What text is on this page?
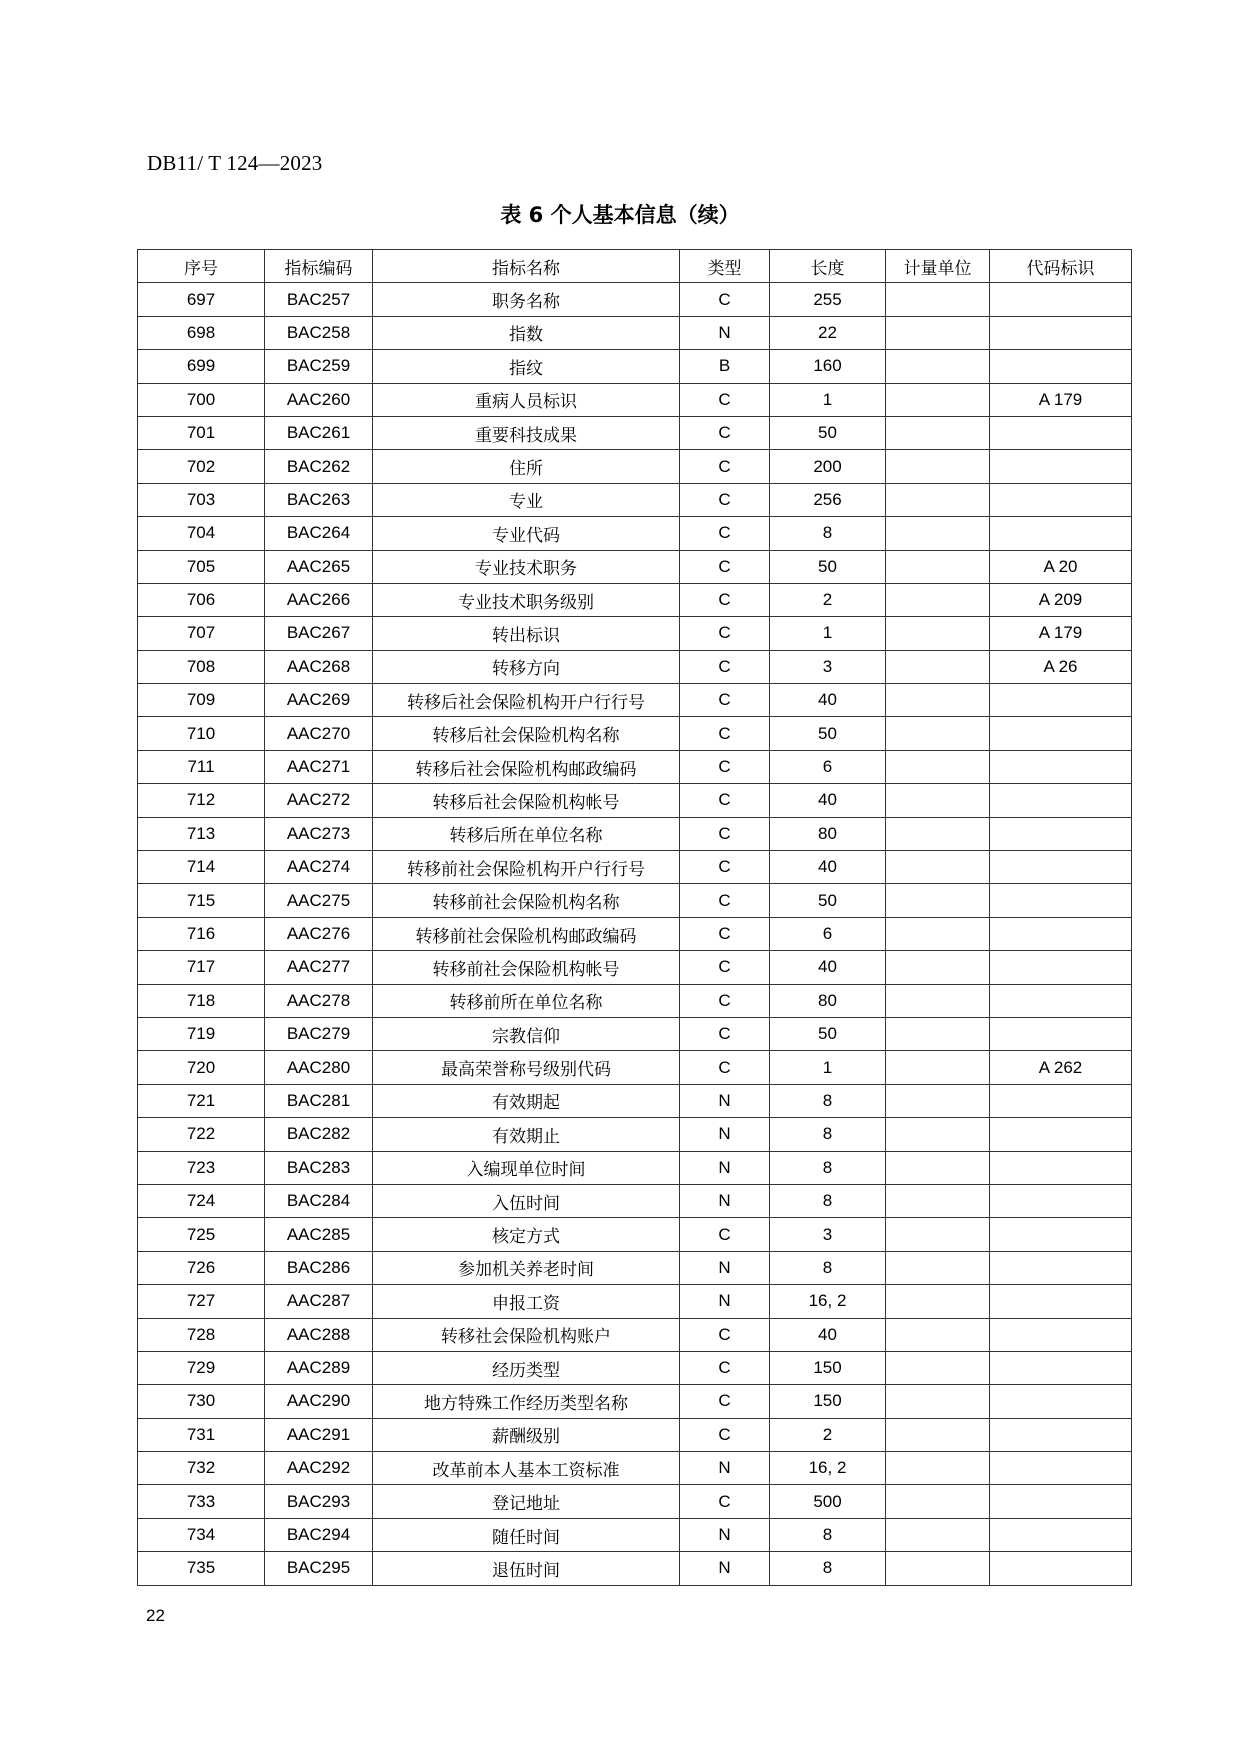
DB11/ T 124—2023
表 6 个人基本信息（续）
序号	指标编码	指标名称	类型	长度	计量单位	代码标识
697	BAC257	职务名称	C	255		
698	BAC258	指数	N	22		
699	BAC259	指纹	B	160		
700	AAC260	重病人员标识	C	1		A 179
701	BAC261	重要科技成果	C	50		
702	BAC262	住所	C	200		
703	BAC263	专业	C	256		
704	BAC264	专业代码	C	8		
705	AAC265	专业技术职务	C	50		A 20
706	AAC266	专业技术职务级别	C	2		A 209
707	BAC267	转出标识	C	1		A 179
708	AAC268	转移方向	C	3		A 26
709	AAC269	转移后社会保险机构开户行行号	C	40		
710	AAC270	转移后社会保险机构名称	C	50		
711	AAC271	转移后社会保险机构邮政编码	C	6		
712	AAC272	转移后社会保险机构帐号	C	40		
713	AAC273	转移后所在单位名称	C	80		
714	AAC274	转移前社会保险机构开户行行号	C	40		
715	AAC275	转移前社会保险机构名称	C	50		
716	AAC276	转移前社会保险机构邮政编码	C	6		
717	AAC277	转移前社会保险机构帐号	C	40		
718	AAC278	转移前所在单位名称	C	80		
719	BAC279	宗教信仰	C	50		
720	AAC280	最高荣誉称号级别代码	C	1		A 262
721	BAC281	有效期起	N	8		
722	BAC282	有效期止	N	8		
723	BAC283	入编现单位时间	N	8		
724	BAC284	入伍时间	N	8		
725	AAC285	核定方式	C	3		
726	BAC286	参加机关养老时间	N	8		
727	AAC287	申报工资	N	16, 2		
728	AAC288	转移社会保险机构账户	C	40		
729	AAC289	经历类型	C	150		
730	AAC290	地方特殊工作经历类型名称	C	150		
731	AAC291	薪酬级别	C	2		
732	AAC292	改革前本人基本工资标准	N	16, 2		
733	BAC293	登记地址	C	500		
734	BAC294	随任时间	N	8		
735	BAC295	退伍时间	N	8		
22
